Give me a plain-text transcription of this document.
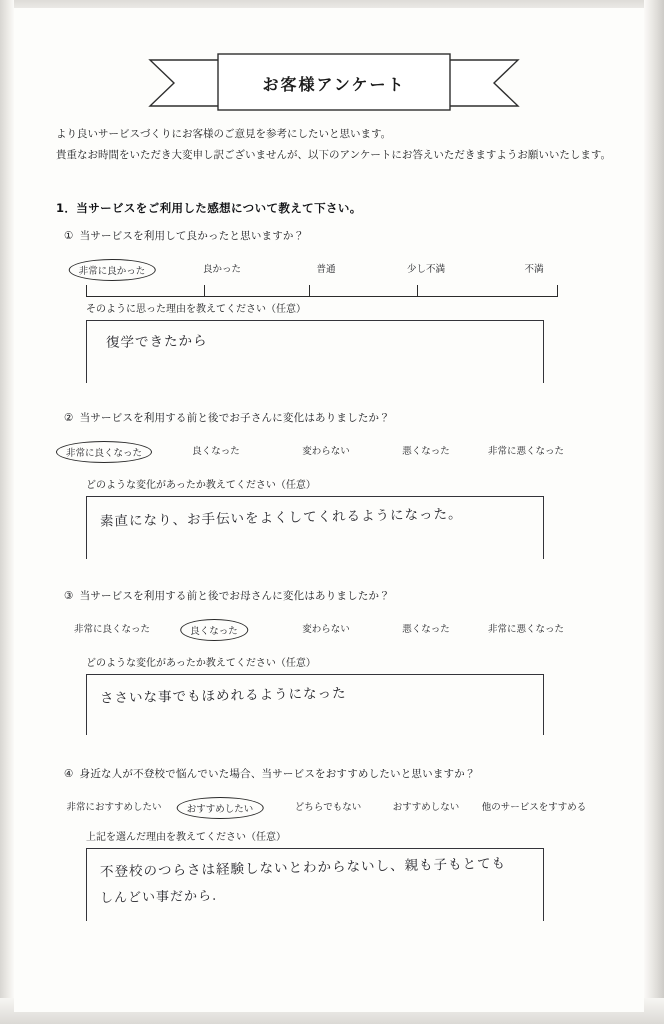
お客様アンケート
より良いサービスづくりにお客様のご意見を参考にしたいと思います。
貴重なお時間をいただき大変申し訳ございませんが、以下のアンケートにお答えいただきますようお願いいたします。
1．当サービスをご利用した感想について教えて下さい。
① 当サービスを利用して良かったと思いますか？
非常に良かった	良かった	普通	少し不満	不満
そのように思った理由を教えてください（任意）
復学できたから
② 当サービスを利用する前と後でお子さんに変化はありましたか？
非常に良くなった	良くなった	変わらない	悪くなった	非常に悪くなった
どのような変化があったか教えてください（任意）
素直になり、お手伝いをよくしてくれるようになった。
③ 当サービスを利用する前と後でお母さんに変化はありましたか？
非常に良くなった	良くなった	変わらない	悪くなった	非常に悪くなった
どのような変化があったか教えてください（任意）
ささいな事でもほめれるようになった
④ 身近な人が不登校で悩んでいた場合、当サービスをおすすめしたいと思いますか？
非常におすすめしたい	おすすめしたい	どちらでもない	おすすめしない	他のサービスをすすめる
上記を選んだ理由を教えてください（任意）
不登校のつらさは経験しないとわからないし、親も子もとても
しんどい事だから.
